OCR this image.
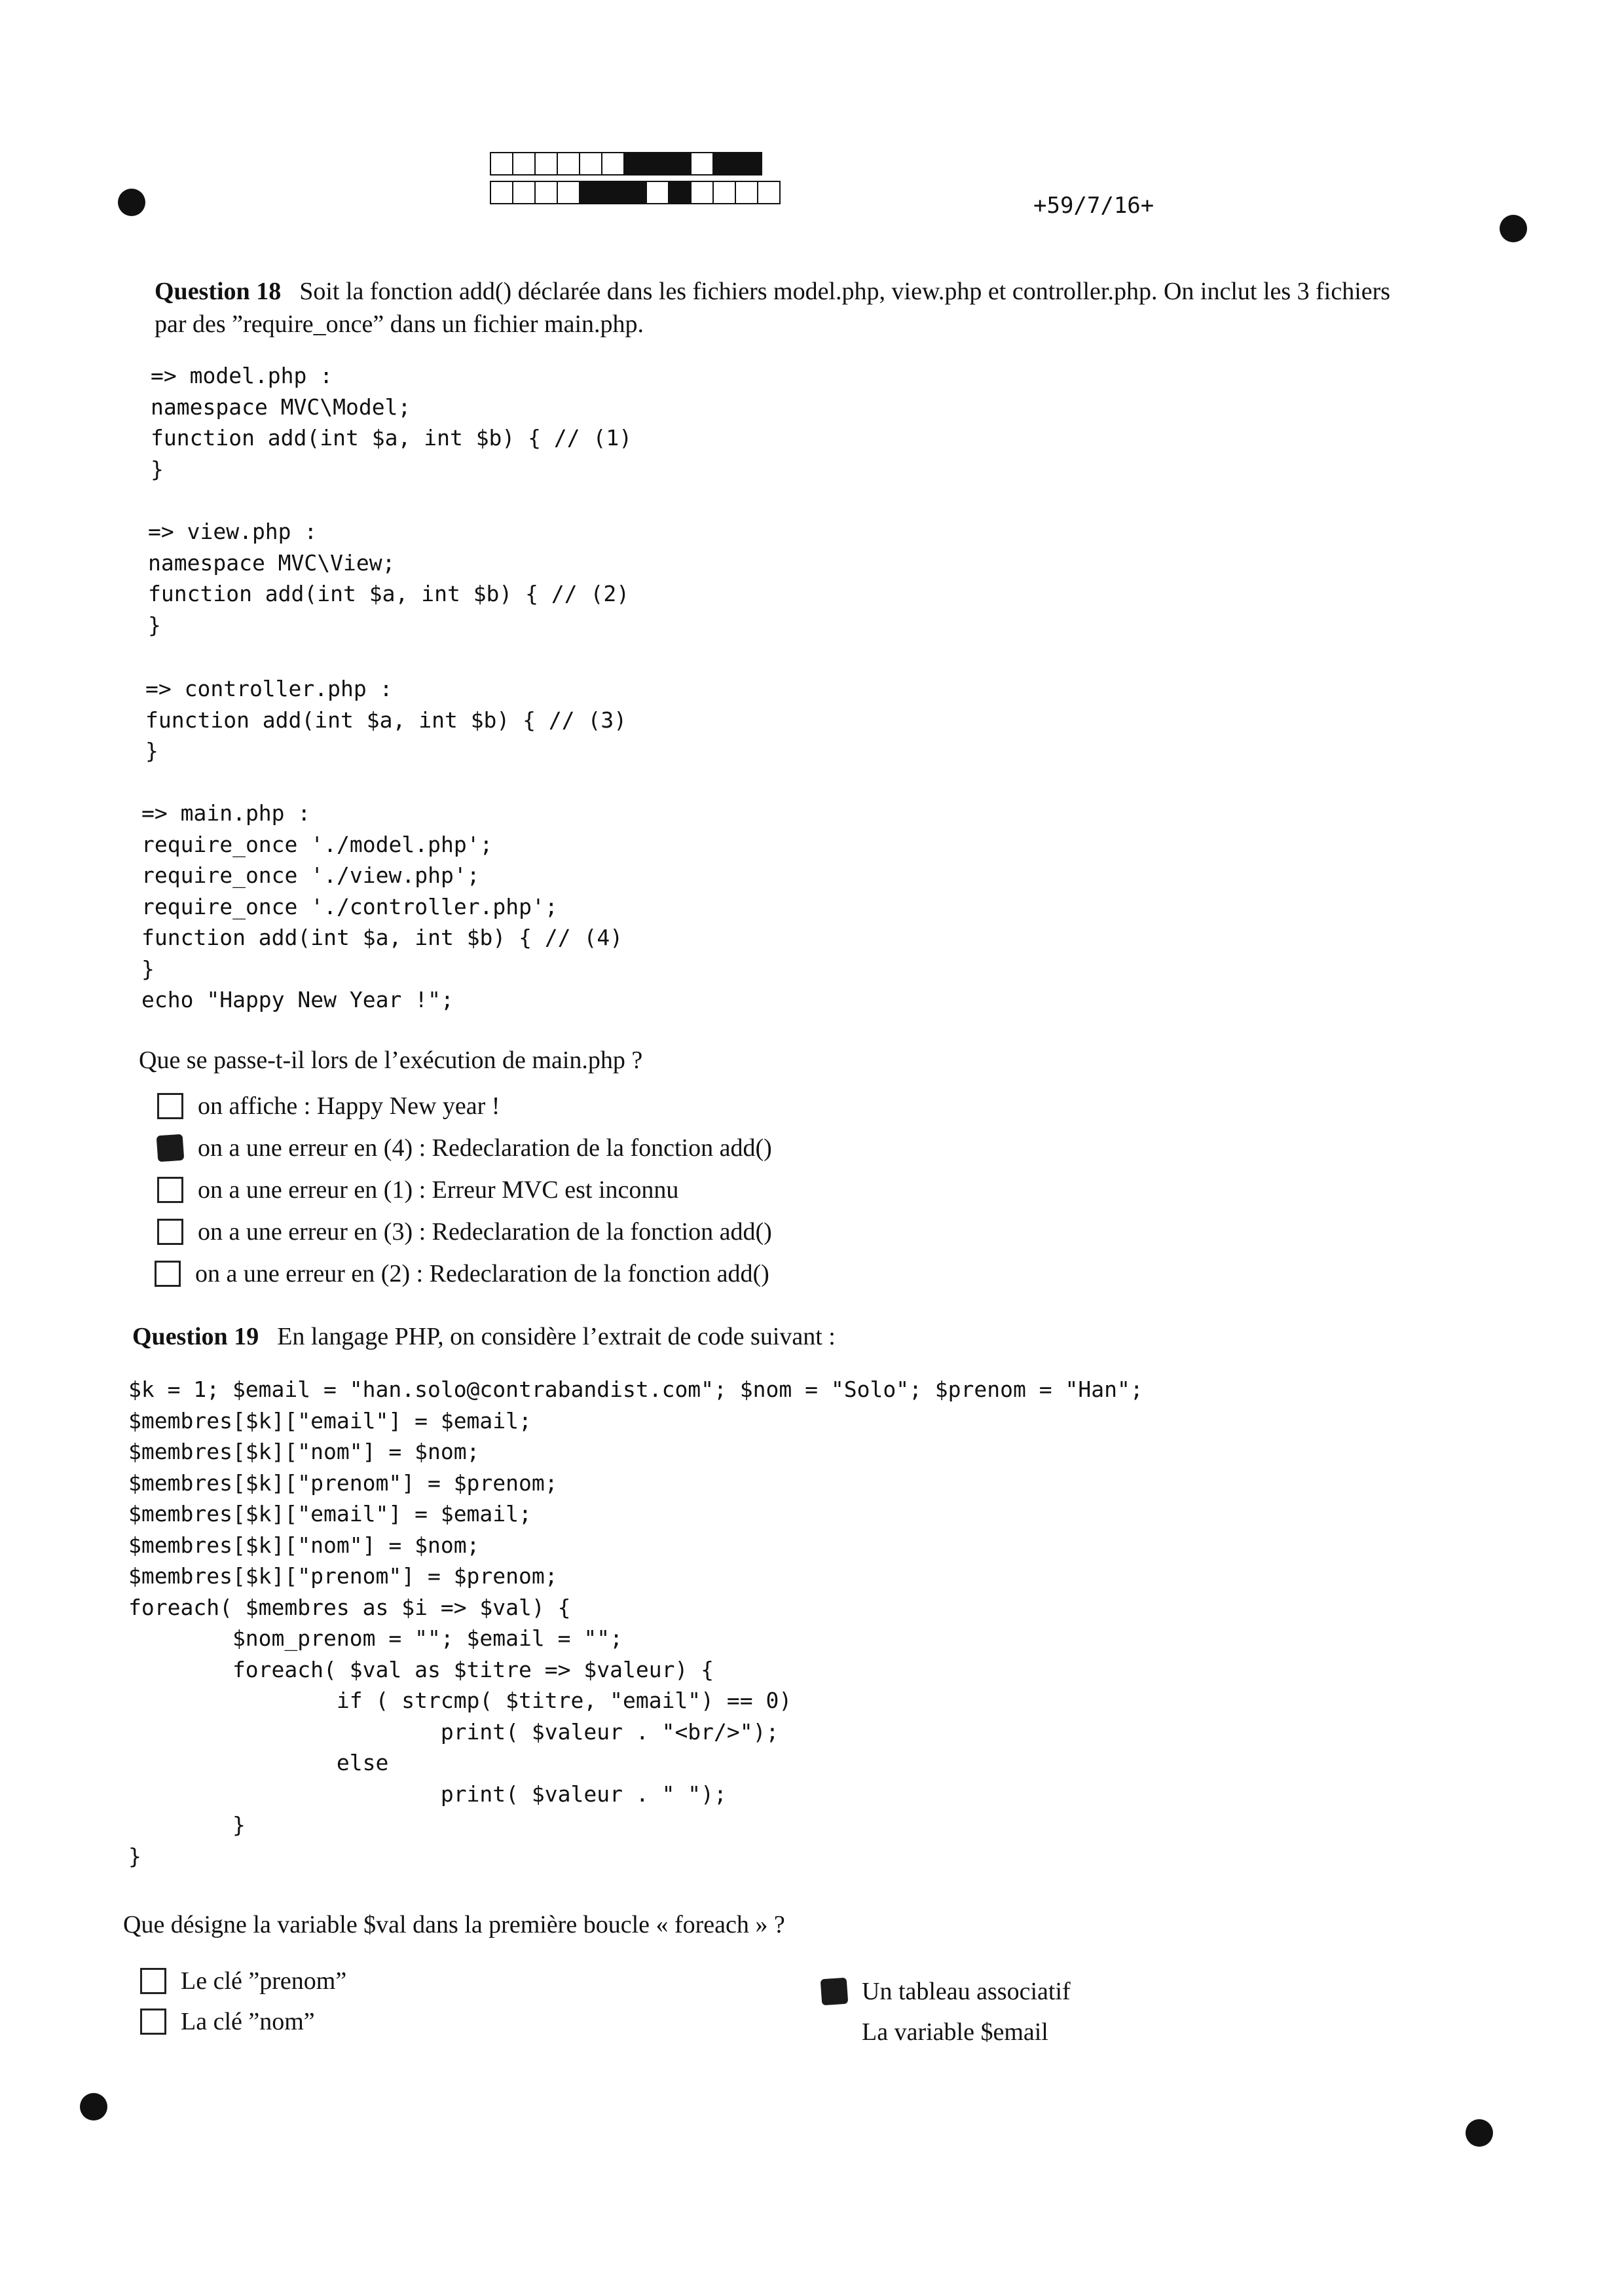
+59/7/16+
Question 18 Soit la fonction add() déclarée dans les fichiers model.php, view.php et controller.php. On inclut les 3 fichiers
par des ”require_once” dans un fichier main.php.
=> model.php :
namespace MVC\Model;
function add(int $a, int $b) { // (1)
}
=> view.php :
namespace MVC\View;
function add(int $a, int $b) { // (2)
}
=> controller.php :
function add(int $a, int $b) { // (3)
}
=> main.php :
require_once './model.php';
require_once './view.php';
require_once './controller.php';
function add(int $a, int $b) { // (4)
}
echo "Happy New Year !";
Que se passe-t-il lors de l’exécution de main.php ?
on affiche : Happy New year !
on a une erreur en (4) : Redeclaration de la fonction add()
on a une erreur en (1) : Erreur MVC est inconnu
on a une erreur en (3) : Redeclaration de la fonction add()
on a une erreur en (2) : Redeclaration de la fonction add()
Question 19 En langage PHP, on considère l’extrait de code suivant :
$k = 1; $email = "han.solo@contrabandist.com"; $nom = "Solo"; $prenom = "Han";
$membres[$k]["email"] = $email;
$membres[$k]["nom"] = $nom;
$membres[$k]["prenom"] = $prenom;
$membres[$k]["email"] = $email;
$membres[$k]["nom"] = $nom;
$membres[$k]["prenom"] = $prenom;
foreach( $membres as $i => $val) {
$nom_prenom = ""; $email = "";
foreach( $val as $titre => $valeur) {
if ( strcmp( $titre, "email") == 0)
print( $valeur . "<br/>");
else
print( $valeur . " ");
}
}
Que désigne la variable $val dans la première boucle « foreach » ?
Le clé ”prenom”
La clé ”nom”
Un tableau associatif
La variable $email
